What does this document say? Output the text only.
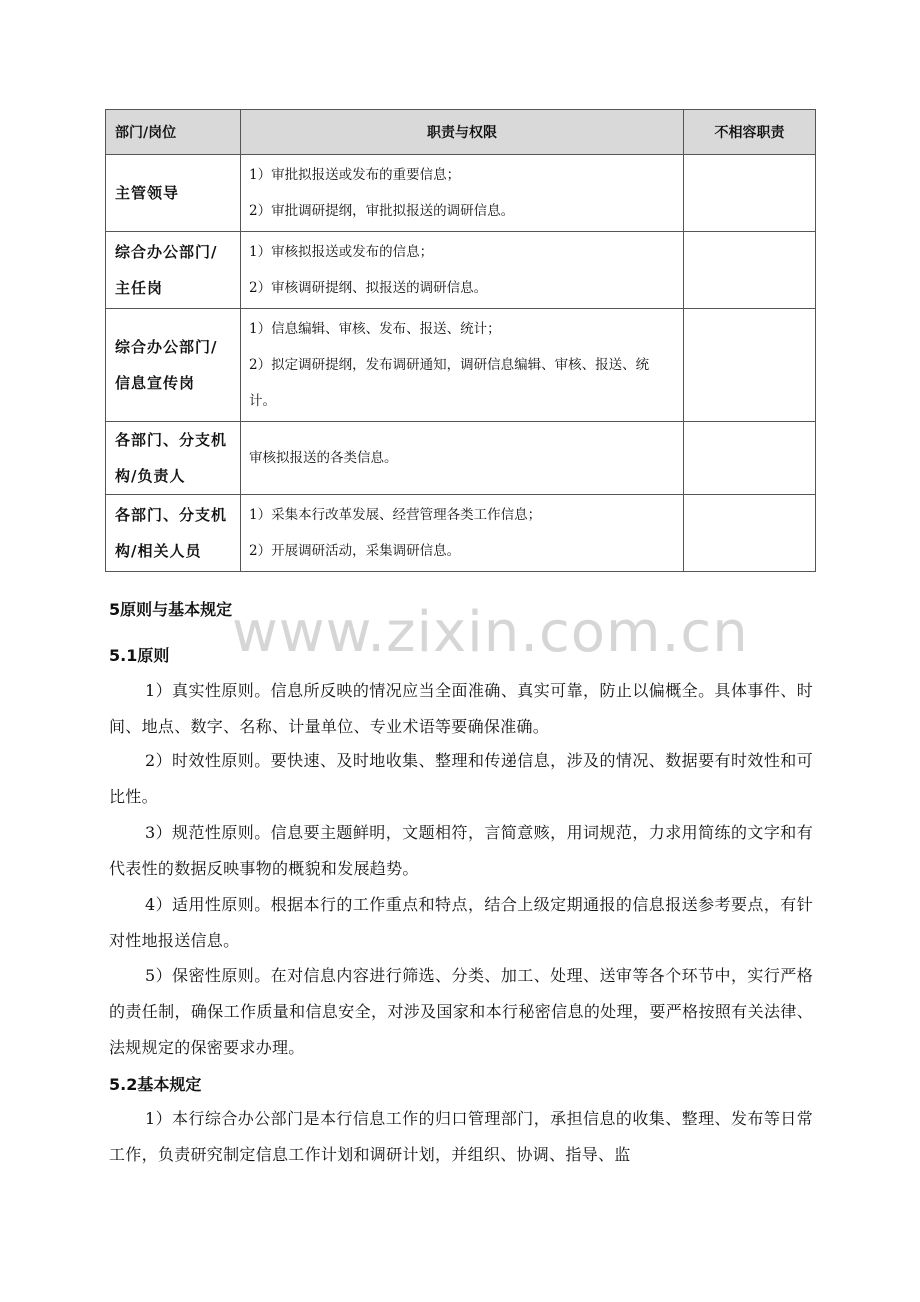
部门/岗位	职责与权限	不相容职责
主管领导	1）审批拟报送或发布的重要信息；
2）审批调研提纲，审批拟报送的调研信息。	

综合办公部门/主任岗	1）审核拟报送或发布的信息；
2）审核调研提纲、拟报送的调研信息。	

综合办公部门/信息宣传岗	1）信息编辑、审核、发布、报送、统计；
2）拟定调研提纲，发布调研通知，调研信息编辑、审核、报送、统计。	

各部门、分支机构/负责人	审核拟报送的各类信息。	

各部门、分支机构/相关人员	1）采集本行改革发展、经营管理各类工作信息；
2）开展调研活动，采集调研信息。	

www.zixin.com.cn
5原则与基本规定
5.1原则
1）真实性原则。信息所反映的情况应当全面准确、真实可靠，防止以偏概全。具体事件、时间、地点、数字、名称、计量单位、专业术语等要确保准确。
2）时效性原则。要快速、及时地收集、整理和传递信息，涉及的情况、数据要有时效性和可比性。
3）规范性原则。信息要主题鲜明，文题相符，言简意赅，用词规范，力求用简练的文字和有代表性的数据反映事物的概貌和发展趋势。
4）适用性原则。根据本行的工作重点和特点，结合上级定期通报的信息报送参考要点，有针对性地报送信息。
5）保密性原则。在对信息内容进行筛选、分类、加工、处理、送审等各个环节中，实行严格的责任制，确保工作质量和信息安全，对涉及国家和本行秘密信息的处理，要严格按照有关法律、法规规定的保密要求办理。
5.2基本规定
1）本行综合办公部门是本行信息工作的归口管理部门，承担信息的收集、整理、发布等日常工作，负责研究制定信息工作计划和调研计划，并组织、协调、指导、监
